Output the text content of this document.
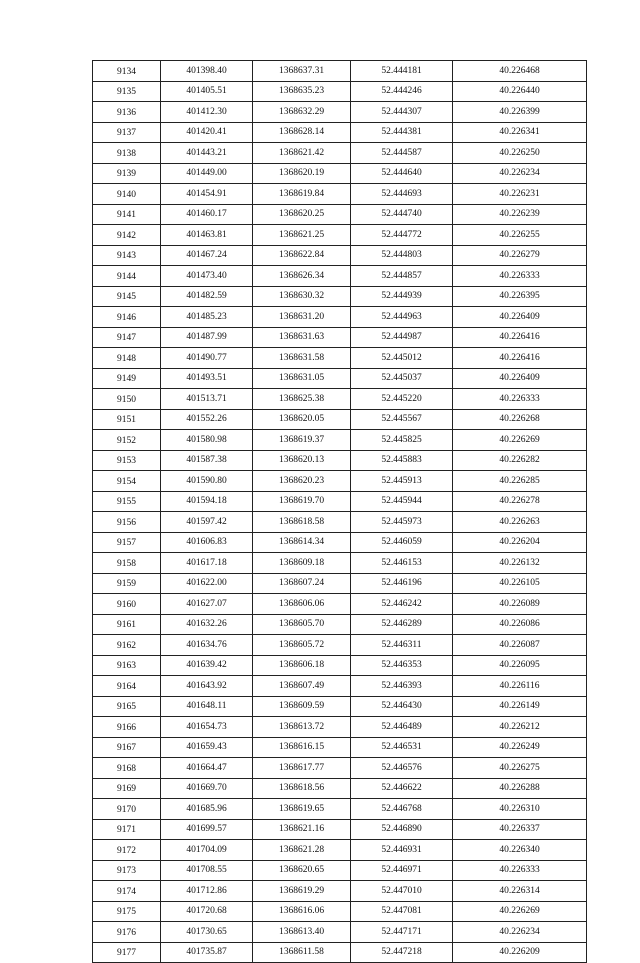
9134	401398.40	1368637.31	52.444181	40.226468
9135	401405.51	1368635.23	52.444246	40.226440
9136	401412.30	1368632.29	52.444307	40.226399
9137	401420.41	1368628.14	52.444381	40.226341
9138	401443.21	1368621.42	52.444587	40.226250
9139	401449.00	1368620.19	52.444640	40.226234
9140	401454.91	1368619.84	52.444693	40.226231
9141	401460.17	1368620.25	52.444740	40.226239
9142	401463.81	1368621.25	52.444772	40.226255
9143	401467.24	1368622.84	52.444803	40.226279
9144	401473.40	1368626.34	52.444857	40.226333
9145	401482.59	1368630.32	52.444939	40.226395
9146	401485.23	1368631.20	52.444963	40.226409
9147	401487.99	1368631.63	52.444987	40.226416
9148	401490.77	1368631.58	52.445012	40.226416
9149	401493.51	1368631.05	52.445037	40.226409
9150	401513.71	1368625.38	52.445220	40.226333
9151	401552.26	1368620.05	52.445567	40.226268
9152	401580.98	1368619.37	52.445825	40.226269
9153	401587.38	1368620.13	52.445883	40.226282
9154	401590.80	1368620.23	52.445913	40.226285
9155	401594.18	1368619.70	52.445944	40.226278
9156	401597.42	1368618.58	52.445973	40.226263
9157	401606.83	1368614.34	52.446059	40.226204
9158	401617.18	1368609.18	52.446153	40.226132
9159	401622.00	1368607.24	52.446196	40.226105
9160	401627.07	1368606.06	52.446242	40.226089
9161	401632.26	1368605.70	52.446289	40.226086
9162	401634.76	1368605.72	52.446311	40.226087
9163	401639.42	1368606.18	52.446353	40.226095
9164	401643.92	1368607.49	52.446393	40.226116
9165	401648.11	1368609.59	52.446430	40.226149
9166	401654.73	1368613.72	52.446489	40.226212
9167	401659.43	1368616.15	52.446531	40.226249
9168	401664.47	1368617.77	52.446576	40.226275
9169	401669.70	1368618.56	52.446622	40.226288
9170	401685.96	1368619.65	52.446768	40.226310
9171	401699.57	1368621.16	52.446890	40.226337
9172	401704.09	1368621.28	52.446931	40.226340
9173	401708.55	1368620.65	52.446971	40.226333
9174	401712.86	1368619.29	52.447010	40.226314
9175	401720.68	1368616.06	52.447081	40.226269
9176	401730.65	1368613.40	52.447171	40.226234
9177	401735.87	1368611.58	52.447218	40.226209
